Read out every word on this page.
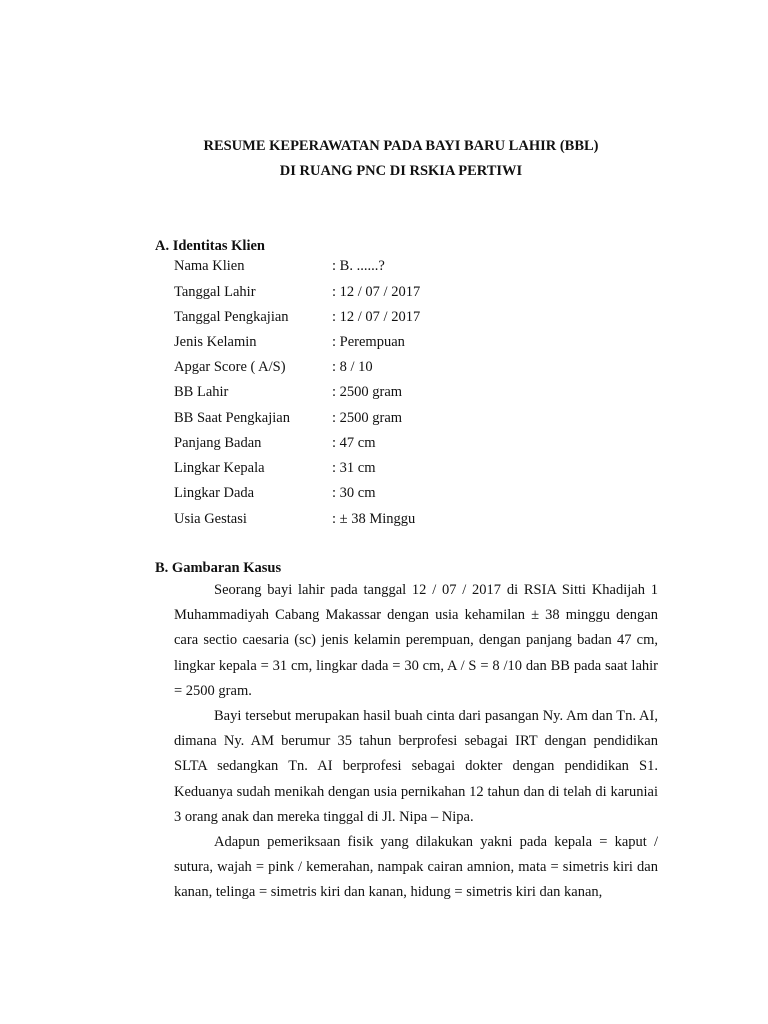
RESUME KEPERAWATAN PADA BAYI BARU LAHIR (BBL)
DI RUANG PNC DI RSKIA PERTIWI
A. Identitas Klien
Nama Klien	: B. ......?
Tanggal Lahir	: 12 / 07 / 2017
Tanggal Pengkajian	: 12 / 07 / 2017
Jenis Kelamin	: Perempuan
Apgar Score ( A/S)	: 8 / 10
BB Lahir	: 2500 gram
BB Saat Pengkajian	: 2500 gram
Panjang Badan	: 47 cm
Lingkar Kepala	: 31 cm
Lingkar Dada	: 30 cm
Usia Gestasi	: ± 38 Minggu
B. Gambaran Kasus

Seorang bayi lahir pada tanggal 12 / 07 / 2017 di RSIA Sitti Khadijah 1 Muhammadiyah Cabang Makassar dengan usia kehamilan ± 38 minggu dengan cara sectio caesaria (sc) jenis kelamin perempuan, dengan panjang badan 47 cm, lingkar kepala = 31 cm, lingkar dada = 30 cm, A / S = 8 /10 dan BB pada saat lahir = 2500 gram.

Bayi tersebut merupakan hasil buah cinta dari pasangan Ny. Am dan Tn. AI, dimana Ny. AM berumur 35 tahun berprofesi sebagai IRT dengan pendidikan SLTA sedangkan Tn. AI berprofesi sebagai dokter dengan pendidikan S1. Keduanya sudah menikah dengan usia pernikahan 12 tahun dan di telah di karuniai 3 orang anak dan mereka tinggal di Jl. Nipa – Nipa.

Adapun pemeriksaan fisik yang dilakukan yakni pada kepala = kaput / sutura, wajah = pink / kemerahan, nampak cairan amnion, mata = simetris kiri dan kanan, telinga = simetris kiri dan kanan, hidung = simetris kiri dan kanan,
